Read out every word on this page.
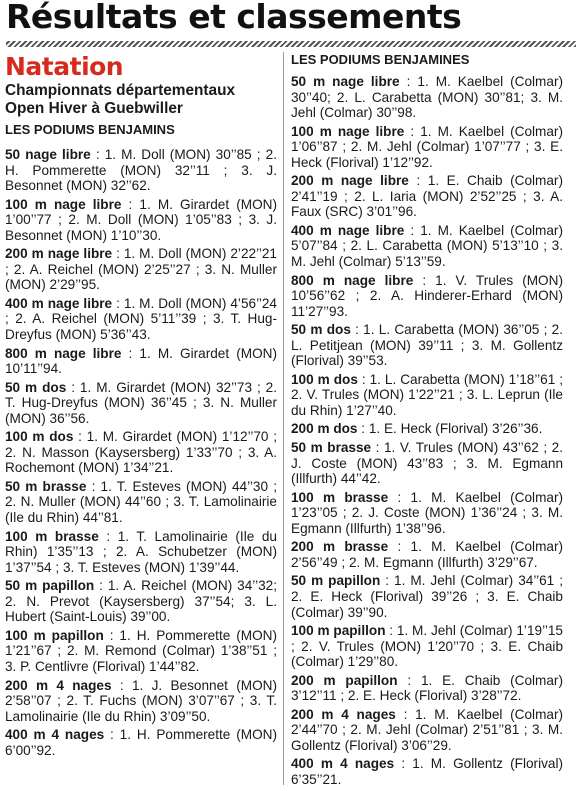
Résultats et classements
Natation
Championnats départementaux
Open Hiver à Guebwiller
LES PODIUMS BENJAMINS

50 nage libre : 1. M. Doll (MON) 30’’85 ; 2. H. Pommerette (MON) 32’’11 ; 3. J. Besonnet (MON) 32’’62.

100 m nage libre : 1. M. Girardet (MON) 1’00’’77 ; 2. M. Doll (MON) 1’05’’83 ; 3. J. Besonnet (MON) 1’10’’30.

200 m nage libre : 1. M. Doll (MON) 2’22’’21 ; 2. A. Reichel (MON) 2’25’’27 ; 3. N. Muller (MON) 2’29’’95.

400 m nage libre : 1. M. Doll (MON) 4’56’’24 ; 2. A. Reichel (MON) 5’11’’39 ; 3. T. Hug-Dreyfus (MON) 5’36’’43.

800 m nage libre : 1. M. Girardet (MON) 10’11’’94.

50 m dos : 1. M. Girardet (MON) 32’’73 ; 2. T. Hug-Dreyfus (MON) 36’’45 ; 3. N. Muller (MON) 36’’56.

100 m dos : 1. M. Girardet (MON) 1’12’’70 ; 2. N. Masson (Kaysersberg) 1’33’’70 ; 3. A. Rochemont (MON) 1’34’’21.

50 m brasse : 1. T. Esteves (MON) 44’’30 ; 2. N. Muller (MON) 44’’60 ; 3. T. Lamolinairie (Ile du Rhin) 44’’81.

100 m brasse : 1. T. Lamolinairie (Ile du Rhin) 1’35’’13 ; 2. A. Schubetzer (MON) 1’37’’54 ; 3. T. Esteves (MON) 1’39’’44.

50 m papillon : 1. A. Reichel (MON) 34’’32; 2. N. Prevot (Kaysersberg) 37’’54; 3. L. Hubert (Saint-Louis) 39’’00.

100 m papillon : 1. H. Pommerette (MON) 1’21’’67 ; 2. M. Remond (Colmar) 1’38’’51 ; 3. P. Centlivre (Florival) 1’44’’82.

200 m 4 nages : 1. J. Besonnet (MON) 2’58’’07 ; 2. T. Fuchs (MON) 3’07’’67 ; 3. T. Lamolinairie (Ile du Rhin) 3’09’’50.

400 m 4 nages : 1. H. Pommerette (MON) 6’00’’92.

LES PODIUMS BENJAMINES

50 m nage libre : 1. M. Kaelbel (Colmar) 30’’40; 2. L. Carabetta (MON) 30’’81; 3. M. Jehl (Colmar) 30’’98.

100 m nage libre : 1. M. Kaelbel (Colmar) 1’06’’87 ; 2. M. Jehl (Colmar) 1’07’’77 ; 3. E. Heck (Florival) 1’12’’92.

200 m nage libre : 1. E. Chaib (Colmar) 2’41’’19 ; 2. L. Iaria (MON) 2’52’’25 ; 3. A. Faux (SRC) 3’01’’96.

400 m nage libre : 1. M. Kaelbel (Colmar) 5’07’’84 ; 2. L. Carabetta (MON) 5’13’’10 ; 3. M. Jehl (Colmar) 5’13’’59.

800 m nage libre : 1. V. Trules (MON) 10’56’’62 ; 2. A. Hinderer-Erhard (MON) 11’27’’93.

50 m dos : 1. L. Carabetta (MON) 36’’05 ; 2. L. Petitjean (MON) 39’’11 ; 3. M. Gollentz (Florival) 39’’53.

100 m dos : 1. L. Carabetta (MON) 1’18’’61 ; 2. V. Trules (MON) 1’22’’21 ; 3. L. Leprun (Ile du Rhin) 1’27’’40.

200 m dos : 1. E. Heck (Florival) 3’26’’36.

50 m brasse : 1. V. Trules (MON) 43’’62 ; 2. J. Coste (MON) 43’’83 ; 3. M. Egmann (Illfurth) 44’’42.

100 m brasse : 1. M. Kaelbel (Colmar) 1’23’’05 ; 2. J. Coste (MON) 1’36’’24 ; 3. M. Egmann (Illfurth) 1’38’’96.

200 m brasse : 1. M. Kaelbel (Colmar) 2’56’’49 ; 2. M. Egmann (Illfurth) 3’29’’67.

50 m papillon : 1. M. Jehl (Colmar) 34’’61 ; 2. E. Heck (Florival) 39’’26 ; 3. E. Chaib (Colmar) 39’’90.

100 m papillon : 1. M. Jehl (Colmar) 1’19’’15 ; 2. V. Trules (MON) 1’20’’70 ; 3. E. Chaib (Colmar) 1’29’’80.

200 m papillon : 1. E. Chaib (Colmar) 3’12’’11 ; 2. E. Heck (Florival) 3’28’’72.

200 m 4 nages : 1. M. Kaelbel (Colmar) 2’44’’70 ; 2. M. Jehl (Colmar) 2’51’’81 ; 3. M. Gollentz (Florival) 3’06’’29.

400 m 4 nages : 1. M. Gollentz (Florival) 6’35’’21.
